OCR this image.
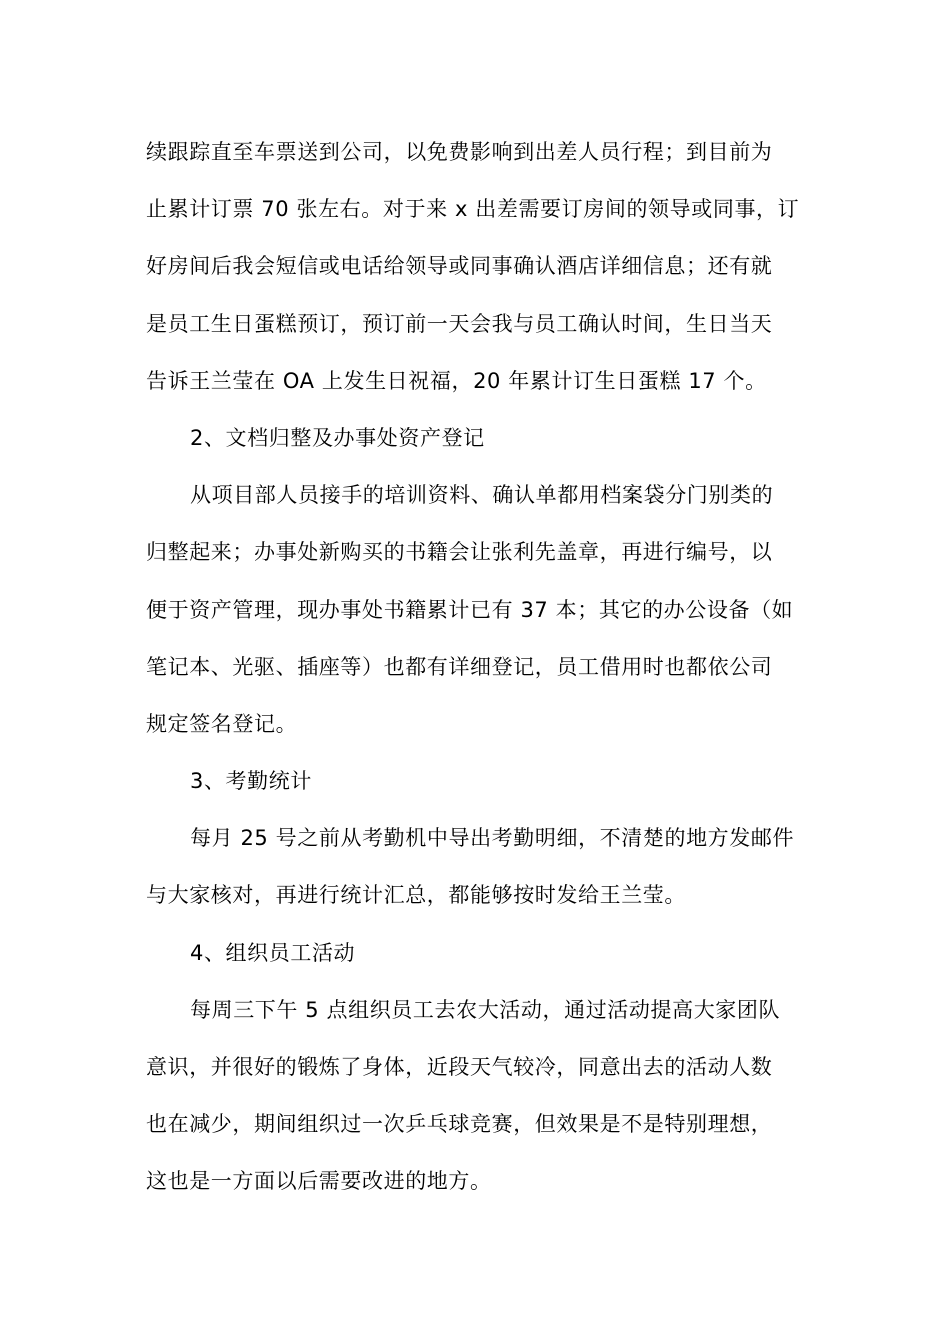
续跟踪直至车票送到公司，以免费影响到出差人员行程；到目前为
止累计订票 70 张左右。对于来 x 出差需要订房间的领导或同事，订
好房间后我会短信或电话给领导或同事确认酒店详细信息；还有就
是员工生日蛋糕预订，预订前一天会我与员工确认时间，生日当天
告诉王兰莹在 OA 上发生日祝福，20 年累计订生日蛋糕 17 个。
2、文档归整及办事处资产登记
从项目部人员接手的培训资料、确认单都用档案袋分门别类的
归整起来；办事处新购买的书籍会让张利先盖章，再进行编号，以
便于资产管理，现办事处书籍累计已有 37 本；其它的办公设备（如
笔记本、光驱、插座等）也都有详细登记，员工借用时也都依公司
规定签名登记。
3、考勤统计
每月 25 号之前从考勤机中导出考勤明细，不清楚的地方发邮件
与大家核对，再进行统计汇总，都能够按时发给王兰莹。
4、组织员工活动
每周三下午 5 点组织员工去农大活动，通过活动提高大家团队
意识，并很好的锻炼了身体，近段天气较冷，同意出去的活动人数
也在减少，期间组织过一次乒乓球竞赛，但效果是不是特别理想，
这也是一方面以后需要改进的地方。
